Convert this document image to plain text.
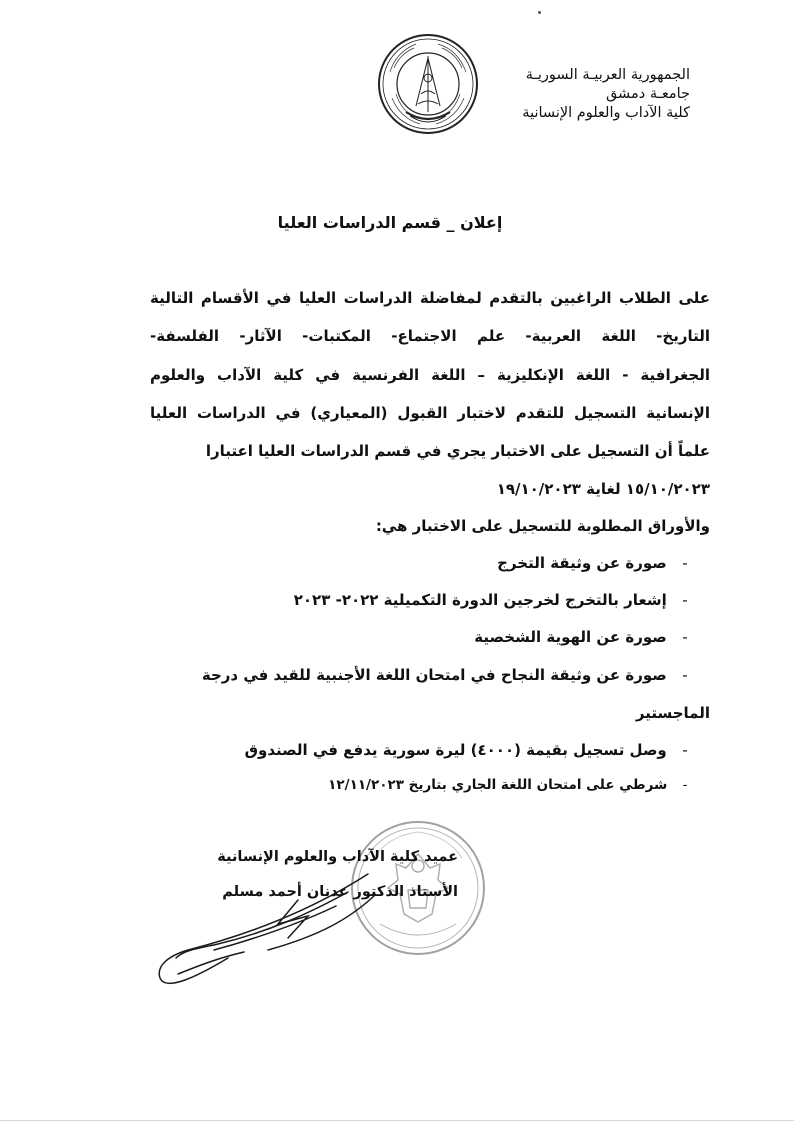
الجمهورية العربيـة السوريـة
جامعـة دمشق
كلية الآداب والعلوم الإنسانية
إعلان _ قسم الدراسات العليا
على الطلاب الراغبين بالتقدم لمفاضلة الدراسات العليا في الأقسام التالية
التاريخ- اللغة العربية- علم الاجتماع- المكتبات- الآثار- الفلسفة-
الجغرافية - اللغة الإنكليزية – اللغة الفرنسية في كلية الآداب والعلوم
الإنسانية التسجيل للتقدم لاختبار القبول (المعياري) في الدراسات العليا
علماً أن التسجيل على الاختبار يجري في قسم الدراسات العليا اعتبارا
١٥/١٠/٢٠٢٣ لغاية ١٩/١٠/٢٠٢٣
والأوراق المطلوبة للتسجيل على الاختبار هي:
- صورة عن وثيقة التخرج
- إشعار بالتخرج لخرجين الدورة التكميلية ٢٠٢٢- ٢٠٢٣
- صورة عن الهوية الشخصية
- صورة عن وثيقة النجاح في امتحان اللغة الأجنبية للقيد في درجة
الماجستير
- وصل تسجيل بقيمة (٤٠٠٠) ليرة سورية يدفع في الصندوق
- شرطي على امتحان اللغة الجاري بتاريخ ١٢/١١/٢٠٢٣
عميد كلية الآداب والعلوم الإنسانية
الأستاذ الدكتور عدنان أحمد مسلم
